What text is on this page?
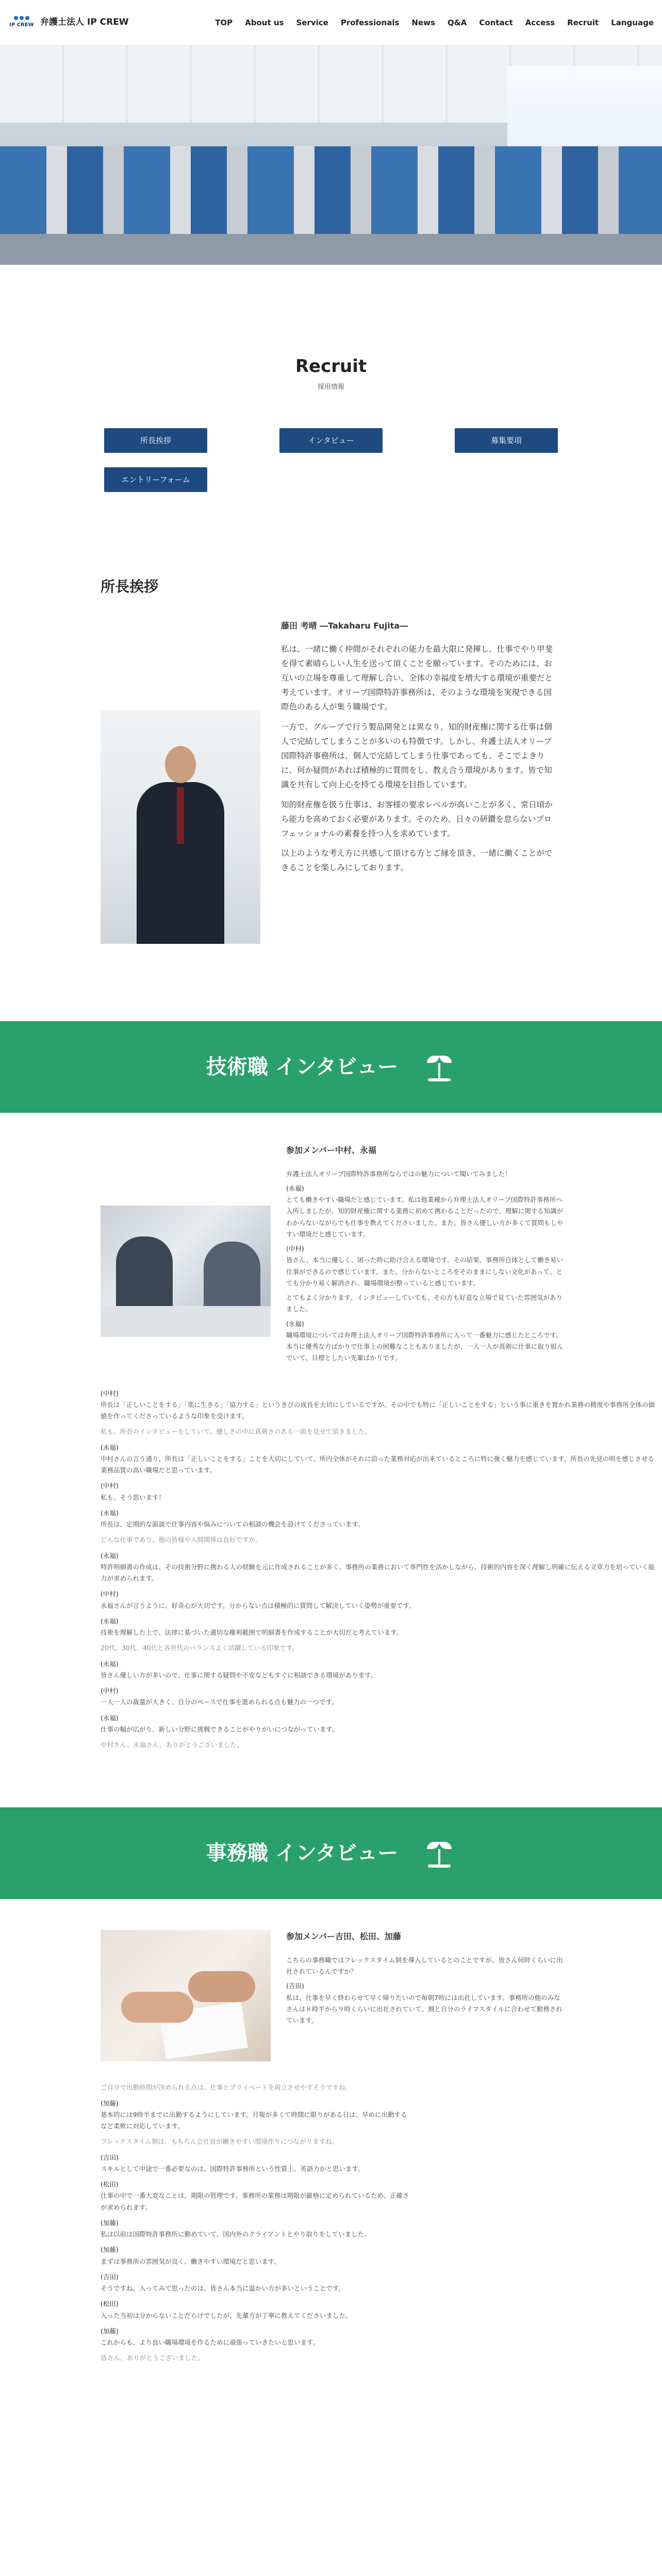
IP CREW 弁護士法人 IP CREW	TOP About us Service Professionals News Q&A Contact Access Recruit Language
Recruit
採用情報
所長挨拶	インタビュー	募集要項
エントリーフォーム
所長挨拶
藤田 考晴 ―Takaharu Fujita―

私は、一緒に働く仲間がそれぞれの能力を最大限に発揮し、仕事でやり甲斐を得て素晴らしい人生を送って頂くことを願っています。そのためには、お互いの立場を尊重して理解し合い、全体の幸福度を増大する環境が重要だと考えています。オリーブ国際特許事務所は、そのような環境を実現できる国際色のある人が集う職場です。

一方で、グループで行う製品開発とは異なり、知的財産権に関する仕事は個人で完結してしまうことが多いのも特徴です。しかし、弁護士法人オリーブ国際特許事務所は、個人で完結してしまう仕事であっても、そこでよきりに、何か疑問があれば積極的に質問をし、教え合う環境があります。皆で知識を共有して向上心を持てる環境を目指しています。

知的財産権を扱う仕事は、お客様の要求レベルが高いことが多く、常日頃から能力を高めておく必要があります。そのため、日々の研鑽を怠らないプロフェッショナルの素養を持つ人を求めています。

以上のような考え方に共感して頂ける方とご縁を頂き、一緒に働くことができることを楽しみにしております。

技術職 インタビュー
参加メンバー中村、永福
弁護士法人オリーブ国際特許事務所ならではの魅力について聞いてみました！
(永福)
とても働きやすい職場だと感じています。私は他業種から弁理士法人オリーブ国際特許事務所へ入所しましたが、知的財産権に関する業務に初めて携わることだったので、理解に関する知識がわからないながらでも仕事を教えてくださいました。また、皆さん優しい方が多くて質問もしやすい環境だと感じています。
(中村)
皆さん、本当に優しく、困った時に助け合える環境です。その結果、事務所自体として働き易い仕事ができるので感じています。また、分からないところをそのままにしない文化があって、とても分かり易く解消され、職場環境が整っていると感じています。
とてもよく分かります。インタビューしていても、その方も好意な立場で見ていた雰囲気がありました。
(永福)
職場環境については弁理士法人オリーブ国際特許事務所に入って一番魅力に感じたところです。本当に優秀な方ばかりで仕事上の困難なこともありましたが、一人一人が真剣に仕事に取り組んでいて、目標としたい先輩ばかりです。
(中村)
所長は「正しいことをする」「楽に生きる」「協力する」というきびの成長を大切にしているですが、その中でも特に「正しいことをする」という事に重きを置かれ業務の精度や事務所全体の価値を作ってくださっているような印象を受けます。
私も、所長のインタビューをしていて、優しさの中に真剣さのある一面を見せて頂きました。
(永福)
中村さんの言う通り、所長は「正しいことをする」ことを大切にしていて、所内全体がそれに沿った業務対応が出来ているところに特に強く魅力を感じています。所長の先見の明を感じさせる業務品質の高い職場だと思っています。
(中村)
私も、そう思います！
(永福)
所長は、定期的な面談で仕事内容や悩みについての相談の機会を設けてくださっています。
どんな仕事であり、他の皆様や人間関係は良好ですか。
(永福)
特許明細書の作成は、その技術分野に携わる人の経験を元に作成されることが多く、事務所の業務において専門性を活かしながら、技術的内容を深く理解し明確に伝える文章力を培っていく能力が求められます。
(中村)
永福さんが言うように、好奇心が大切です。分からない点は積極的に質問して解決していく姿勢が重要です。
(永福)
技術を理解した上で、法律に基づいた適切な権利範囲で明細書を作成することが大切だと考えています。
20代、30代、40代と各世代のバランスよく活躍している印象です。
(永福)
皆さん優しい方が多いので、仕事に関する疑問や不安などもすぐに相談できる環境があります。
(中村)
一人一人の裁量が大きく、自分のペースで仕事を進められる点も魅力の一つです。
(永福)
仕事の幅が広がり、新しい分野に挑戦できることがやりがいにつながっています。
中村さん、永福さん、ありがとうございました。
事務職 インタビュー
参加メンバー吉田、松田、加藤
こちらの事務職ではフレックスタイム制を導入しているとのことですが、皆さん何時くらいに出社されているんですか？
(吉田)
私は、仕事を早く終わらせて早く帰りたいので毎朝7時には出社しています。事務所の他のみなさんは８時半から９時くらいに出社されていて、割と自分のライフスタイルに合わせて勤務されています。
ご自分で出勤時間が決められる点は、仕事とプライベートを両立させやすそうですね。
(加藤)
基本的には9時半までに出勤するようにしています。月報が多くて時間に限りがある日は、早めに出勤するなど柔軟に対応しています。
フレックスタイム制は、もちろん会社員が働きやすい環境作りにつながりますね。
(吉田)
スキルとして中途で一番必要なのは、国際特許事務所という性質上、英語力かと思います。
(松田)
仕事の中で一番大変なことは、期限の管理です。事務所の業務は期限が厳格に定められているため、正確さが求められます。
(加藤)
私は以前は国際特許事務所に勤めていて、国内外のクライアントとやり取りをしていました。
(加藤)
まずは事務所の雰囲気が良く、働きやすい環境だと思います。
(吉田)
そうですね。入ってみて思ったのは、皆さん本当に温かい方が多いということです。
(松田)
入った当初は分からないことだらけでしたが、先輩方が丁寧に教えてくださいました。
(加藤)
これからも、より良い職場環境を作るために頑張っていきたいと思います。
皆さん、ありがとうございました。
